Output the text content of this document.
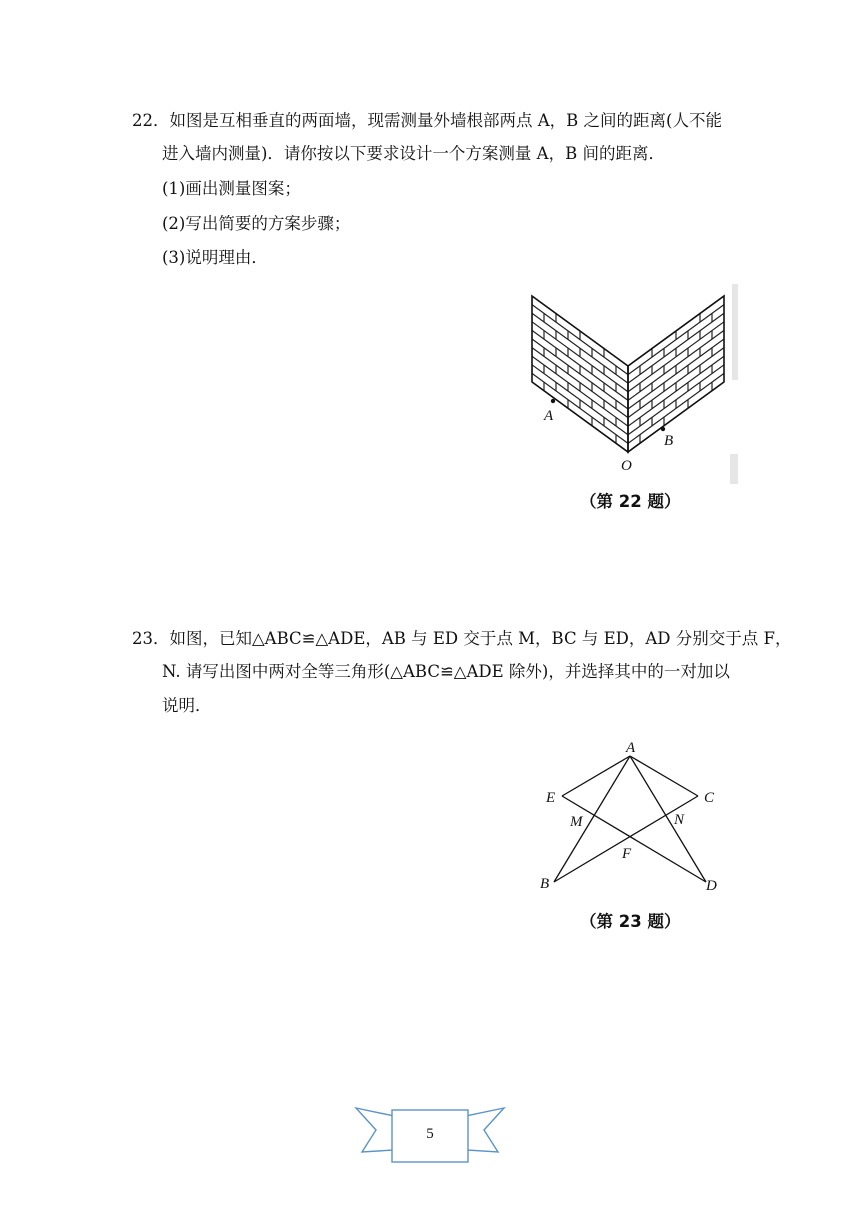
22．如图是互相垂直的两面墙，现需测量外墙根部两点 A，B 之间的距离(人不能
进入墙内测量)．请你按以下要求设计一个方案测量 A，B 间的距离．
(1)画出测量图案；
(2)写出简要的方案步骤；
(3)说明理由．
A
B
O
（第 22 题）
23．如图，已知△ABC≌△ADE，AB 与 ED 交于点 M，BC 与 ED，AD 分别交于点 F，
N. 请写出图中两对全等三角形(△ABC≌△ADE 除外)，并选择其中的一对加以
说明．
A
B
C
D
E
M	N
F
（第 23 题）
5
